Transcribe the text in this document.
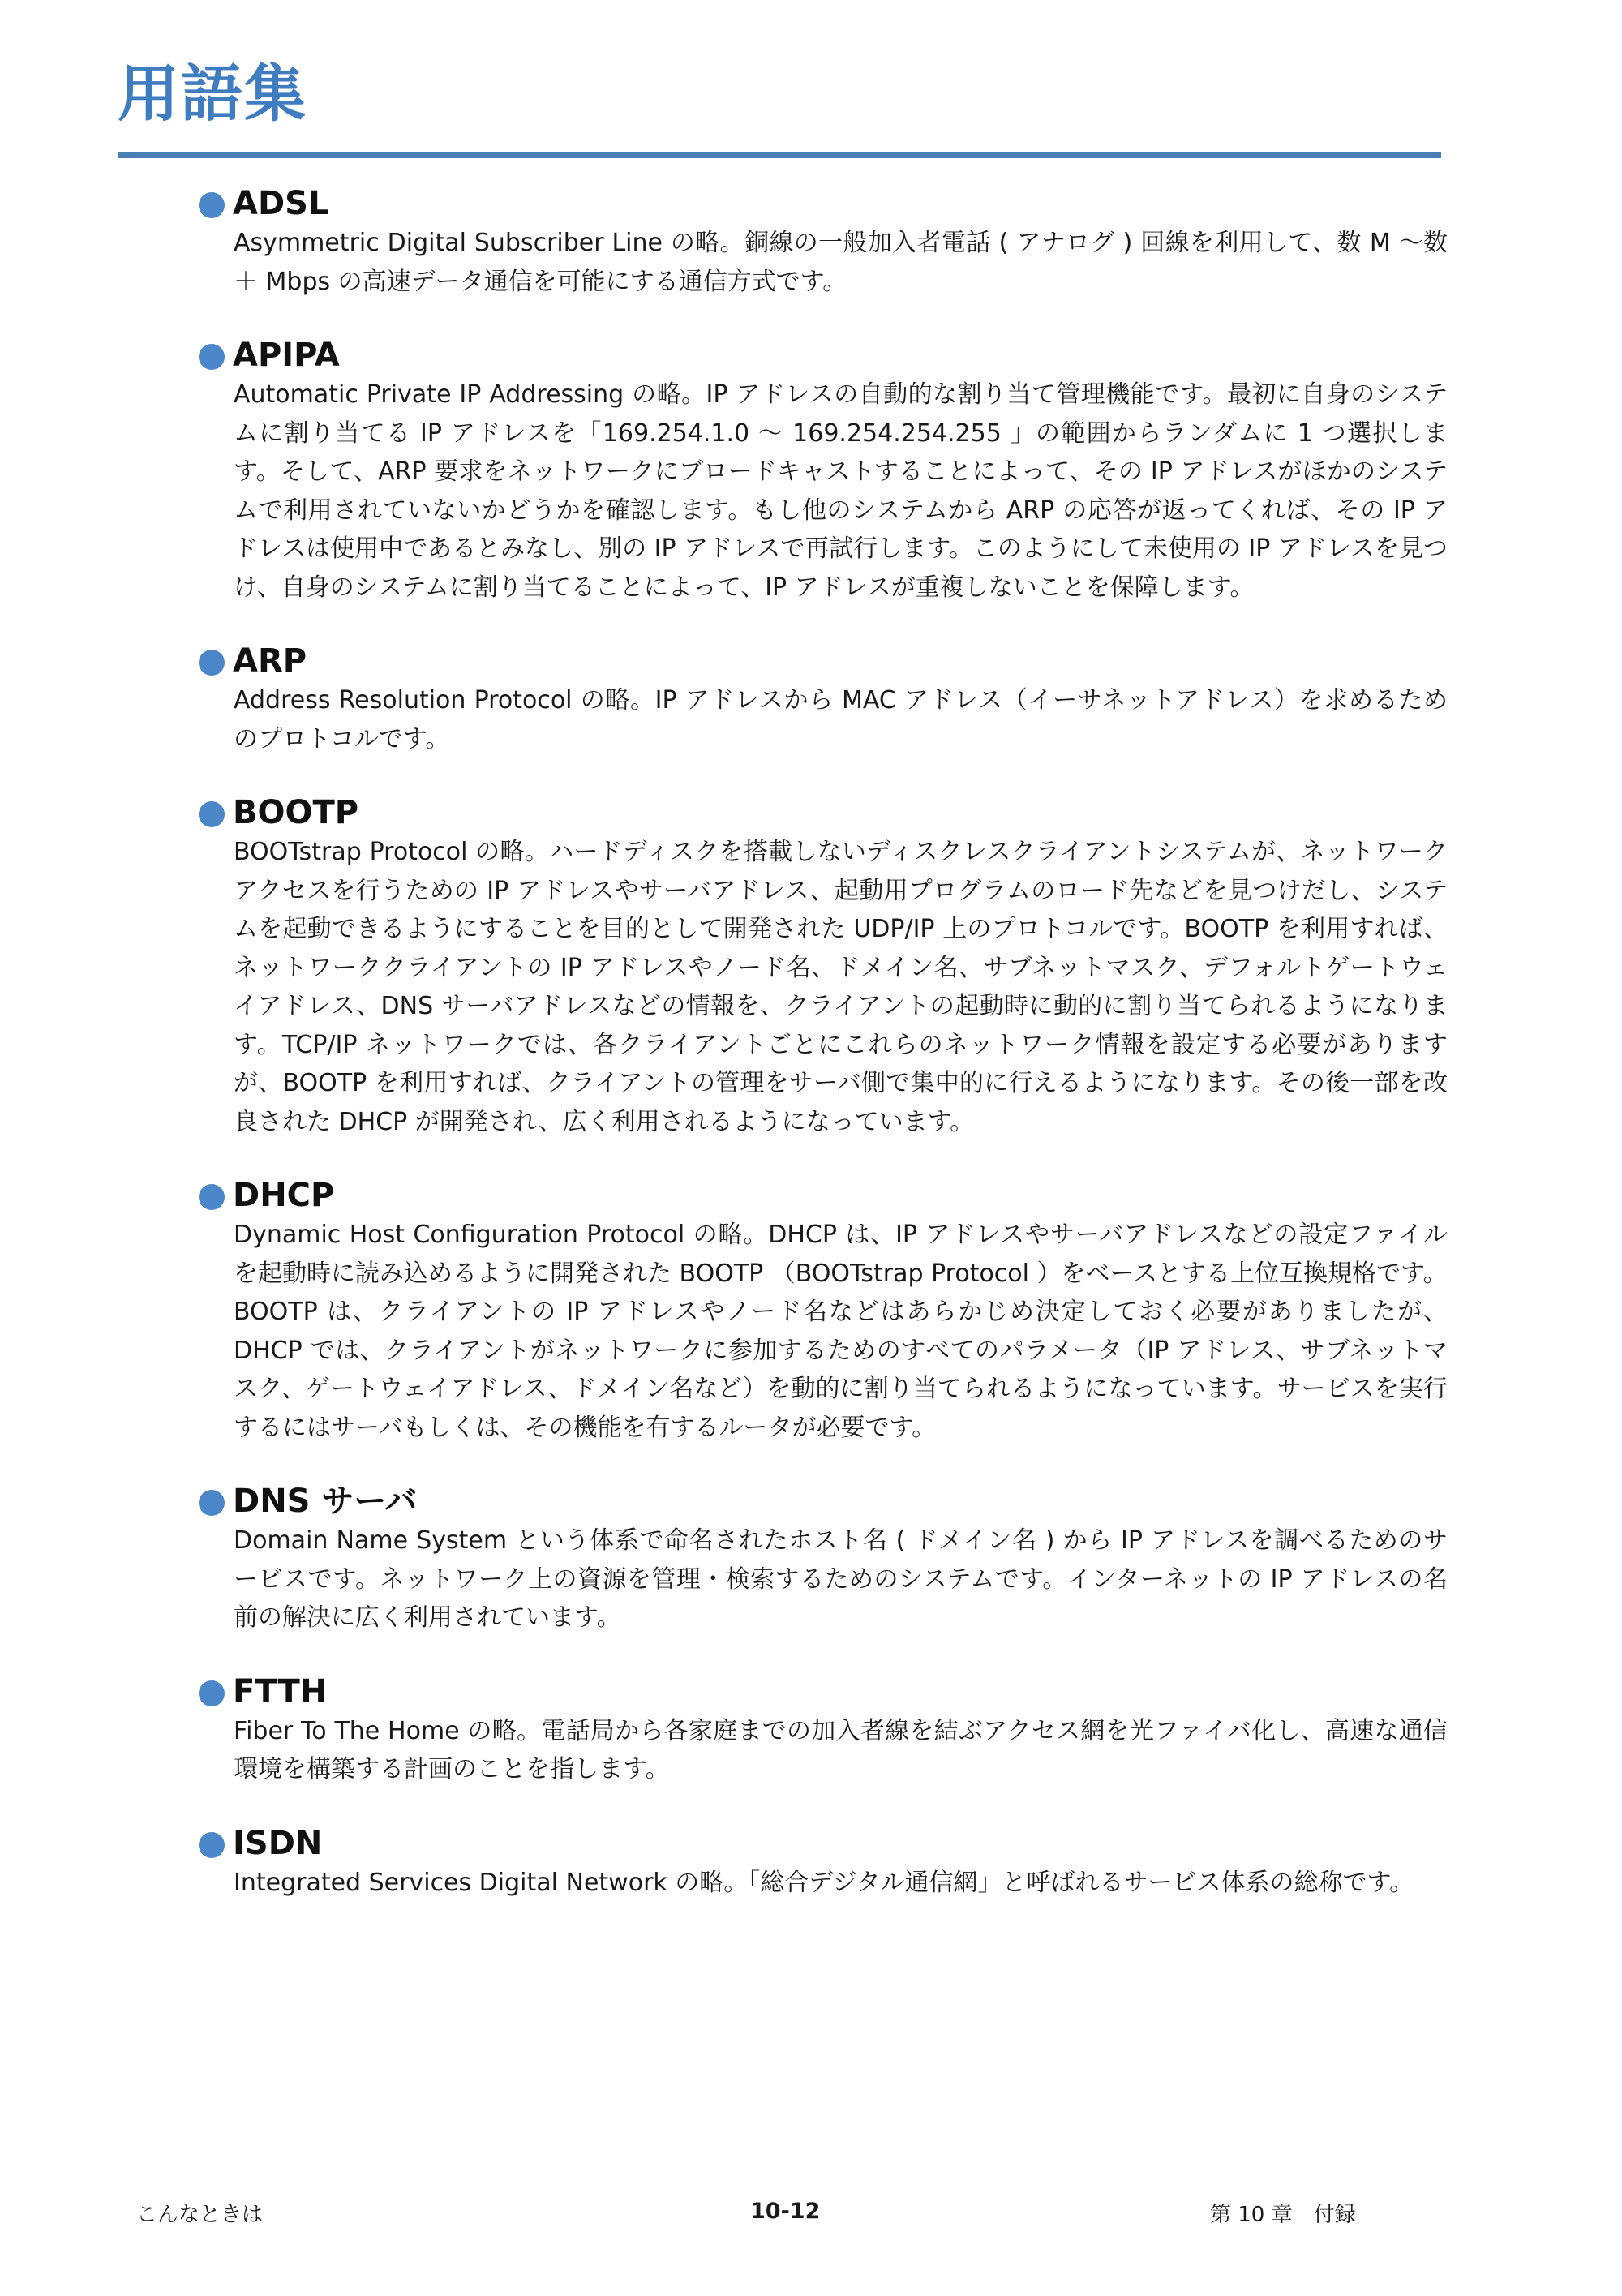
用語集
ADSL

Asymmetric Digital Subscriber Line の略。銅線の一般加入者電話 ( アナログ ) 回線を利用して、数 M ～数＋ Mbps の高速データ通信を可能にする通信方式です。

APIPA

Automatic Private IP Addressing の略。IP アドレスの自動的な割り当て管理機能です。最初に自身のシステムに割り当てる IP アドレスを「169.254.1.0 ～ 169.254.254.255 」の範囲からランダムに 1 つ選択します。そして、ARP 要求をネットワークにブロードキャストすることによって、その IP アドレスがほかのシステムで利用されていないかどうかを確認します。もし他のシステムから ARP の応答が返ってくれば、その IP アドレスは使用中であるとみなし、別の IP アドレスで再試行します。このようにして未使用の IP アドレスを見つけ、自身のシステムに割り当てることによって、IP アドレスが重複しないことを保障します。

ARP

Address Resolution Protocol の略。IP アドレスから MAC アドレス（イーサネットアドレス）を求めるためのプロトコルです。

BOOTP

BOOTstrap Protocol の略。ハードディスクを搭載しないディスクレスクライアントシステムが、ネットワークアクセスを行うための IP アドレスやサーバアドレス、起動用プログラムのロード先などを見つけだし、システムを起動できるようにすることを目的として開発された UDP/IP 上のプロトコルです。BOOTP を利用すれば、ネットワーククライアントの IP アドレスやノード名、ドメイン名、サブネットマスク、デフォルトゲートウェイアドレス、DNS サーバアドレスなどの情報を、クライアントの起動時に動的に割り当てられるようになります。TCP/IP ネットワークでは、各クライアントごとにこれらのネットワーク情報を設定する必要がありますが、BOOTP を利用すれば、クライアントの管理をサーバ側で集中的に行えるようになります。その後一部を改良された DHCP が開発され、広く利用されるようになっています。

DHCP

Dynamic Host Configuration Protocol の略。DHCP は、IP アドレスやサーバアドレスなどの設定ファイルを起動時に読み込めるように開発された BOOTP （BOOTstrap Protocol ）をベースとする上位互換規格です。

BOOTP は、クライアントの IP アドレスやノード名などはあらかじめ決定しておく必要がありましたが、DHCP では、クライアントがネットワークに参加するためのすべてのパラメータ（IP アドレス、サブネットマスク、ゲートウェイアドレス、ドメイン名など）を動的に割り当てられるようになっています。サービスを実行するにはサーバもしくは、その機能を有するルータが必要です。

DNS サーバ

Domain Name System という体系で命名されたホスト名 ( ドメイン名 ) から IP アドレスを調べるためのサービスです。ネットワーク上の資源を管理・検索するためのシステムです。インターネットの IP アドレスの名前の解決に広く利用されています。

FTTH

Fiber To The Home の略。電話局から各家庭までの加入者線を結ぶアクセス網を光ファイバ化し、高速な通信環境を構築する計画のことを指します。

ISDN

Integrated Services Digital Network の略。「総合デジタル通信網」と呼ばれるサービス体系の総称です。

こんなときは	10-12	第 10 章　付録
